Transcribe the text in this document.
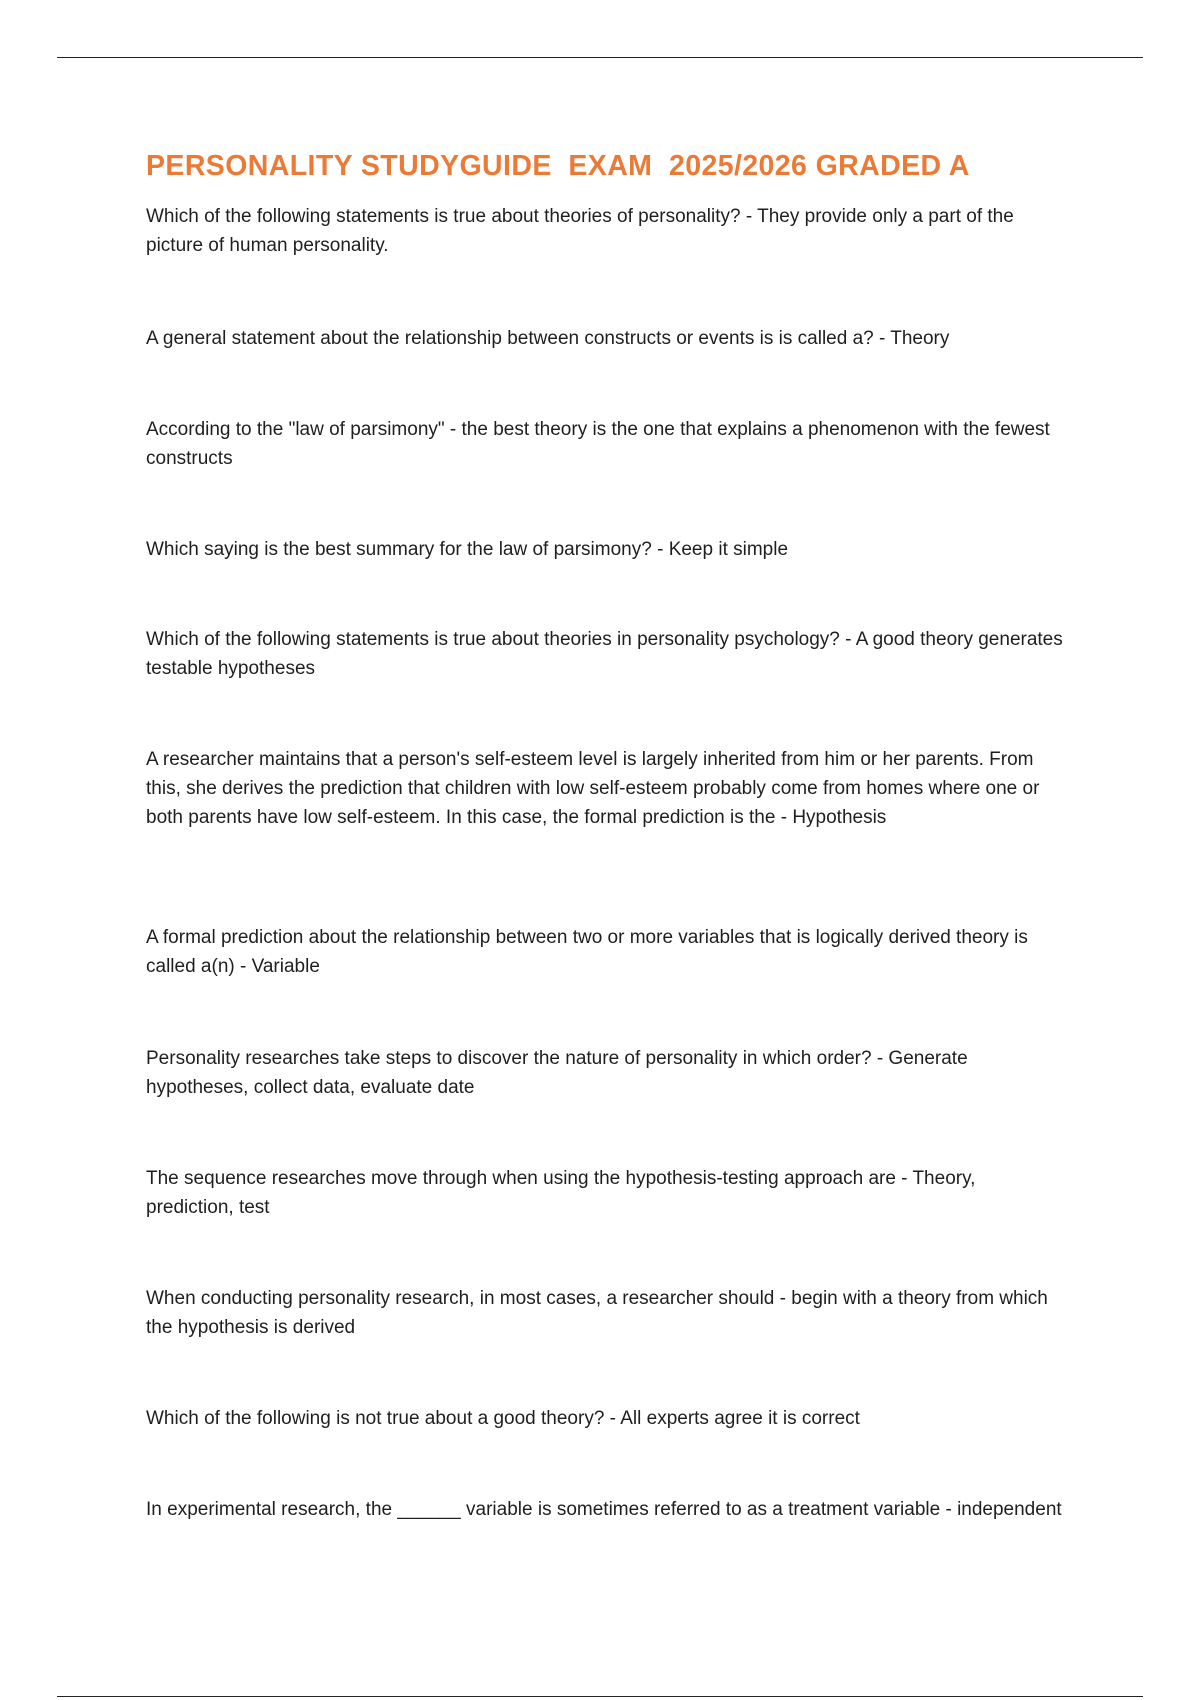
PERSONALITY STUDYGUIDE  EXAM  2025/2026 GRADED A

Which of the following statements is true about theories of personality? - They provide only a part of the picture of human personality.

A general statement about the relationship between constructs or events is is called a? - Theory

According to the "law of parsimony" - the best theory is the one that explains a phenomenon with the fewest constructs

Which saying is the best summary for the law of parsimony? - Keep it simple

Which of the following statements is true about theories in personality psychology? - A good theory generates testable hypotheses

A researcher maintains that a person's self-esteem level is largely inherited from him or her parents. From this, she derives the prediction that children with low self-esteem probably come from homes where one or both parents have low self-esteem. In this case, the formal prediction is the - Hypothesis

A formal prediction about the relationship between two or more variables that is logically derived theory is called a(n) - Variable

Personality researches take steps to discover the nature of personality in which order? - Generate hypotheses, collect data, evaluate date

The sequence researches move through when using the hypothesis-testing approach are - Theory, prediction, test

When conducting personality research, in most cases, a researcher should - begin with a theory from which the hypothesis is derived

Which of the following is not true about a good theory? - All experts agree it is correct

In experimental research, the ______ variable is sometimes referred to as a treatment variable - independent
